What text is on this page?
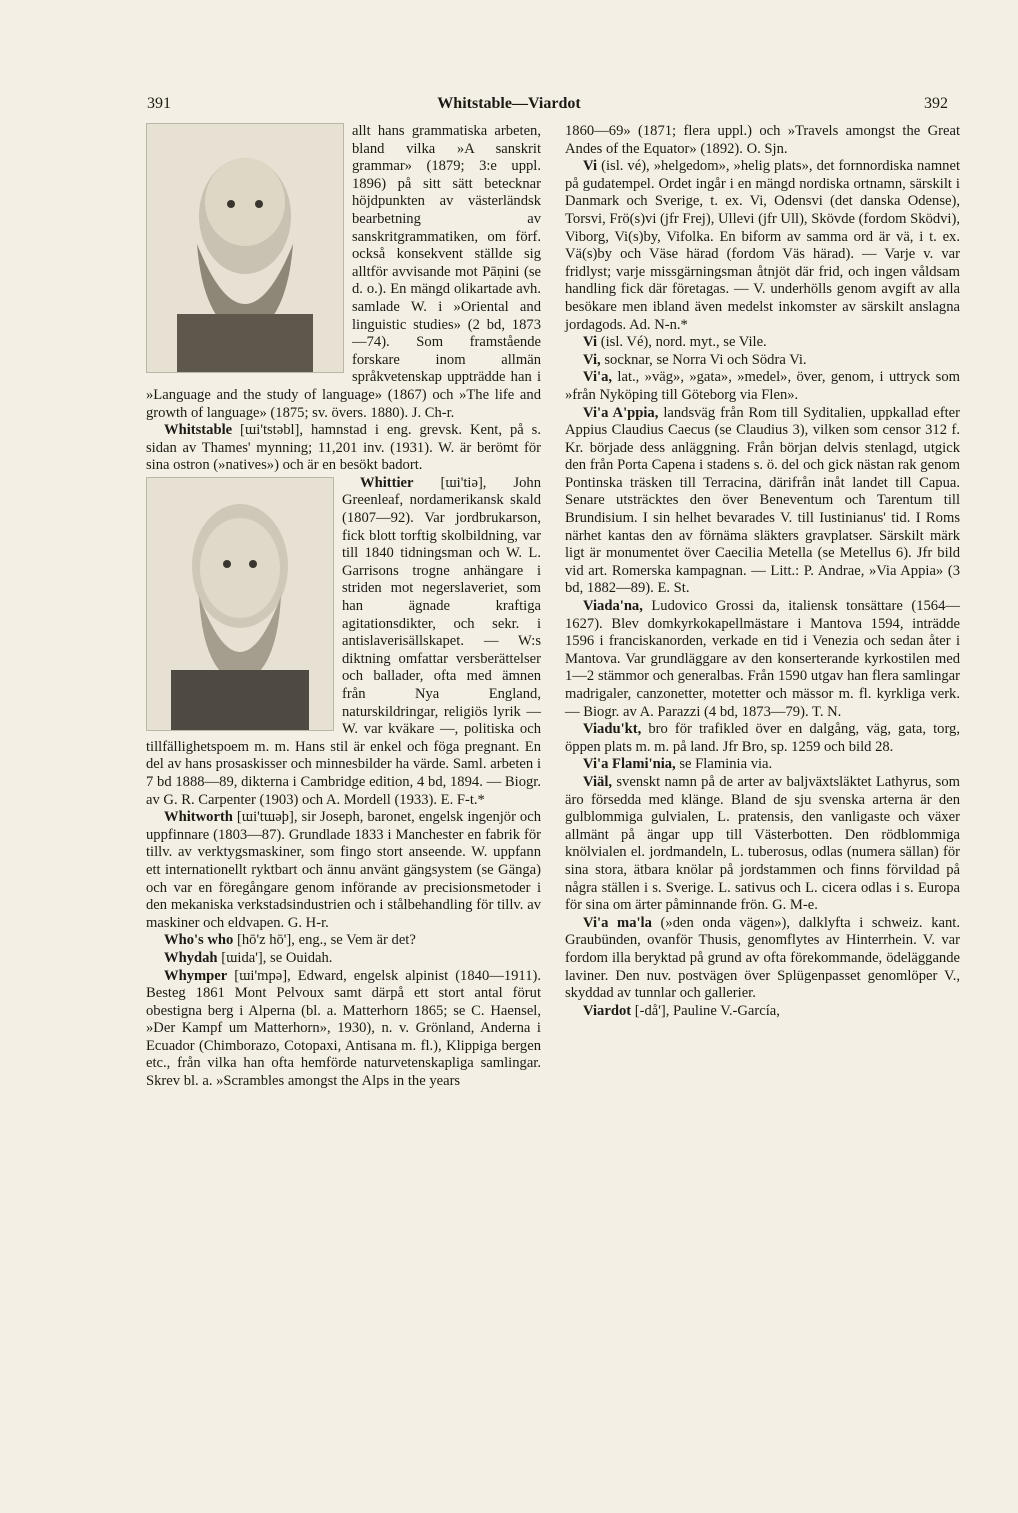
391	Whitstable—Viardot	392

allt hans grammatiska arbeten, bland vilka »A sanskrit grammar» (1879; 3:e uppl. 1896) på sitt sätt betecknar höjdpunkten av västerländsk bearbetning av sanskritgrammatiken, om förf. också konsekvent ställde sig alltför avvisande mot Pāṇini (se d. o.). En mängd olikartade avh. samlade W. i »Oriental and linguistic studies» (2 bd, 1873—74). Som framstående forskare inom allmän språkvetenskap uppträdde han i »Language and the study of language» (1867) och »The life and growth of language» (1875; sv. övers. 1880). J. Ch-r.

Whitstable [ɯi'tstəbl], hamnstad i eng. grevsk. Kent, på s. sidan av Thames' mynning; 11,201 inv. (1931). W. är berömt för sina ostron (»natives») och är en besökt badort.

Whittier [ɯi'tiə], John Greenleaf, nordamerikansk skald (1807—92). Var jordbrukarson, fick blott torftig skolbildning, var till 1840 tidningsman och W. L. Garrisons trogne anhängare i striden mot negerslaveriet, som han ägnade kraftiga agitationsdikter, och sekr. i antislaverisällskapet. — W:s diktning omfattar versberättelser och ballader, ofta med ämnen från Nya England, naturskildringar, religiös lyrik — W. var kväkare —, politiska och tillfällighetspoem m. m. Hans stil är enkel och föga pregnant. En del av hans prosaskisser och minnesbilder ha värde. Saml. arbeten i 7 bd 1888—89, dikterna i Cambridge edition, 4 bd, 1894. — Biogr. av G. R. Carpenter (1903) och A. Mordell (1933). E. F-t.*

Whitworth [ɯi'tɯəþ], sir Joseph, baronet, engelsk ingenjör och uppfinnare (1803—87). Grundlade 1833 i Manchester en fabrik för tillv. av verktygsmaskiner, som fingo stort anseende. W. uppfann ett internationellt ryktbart och ännu använt gängsystem (se Gänga) och var en föregångare genom införande av precisionsmetoder i den mekaniska verkstadsindustrien och i stålbehandling för tillv. av maskiner och eldvapen. G. H-r.

Who's who [hō'z hō'], eng., se Vem är det?

Whydah [ɯida'], se Ouidah.

Whymper [ɯi'mpə], Edward, engelsk alpinist (1840—1911). Besteg 1861 Mont Pelvoux samt därpå ett stort antal förut obestigna berg i Alperna (bl. a. Matterhorn 1865; se C. Haensel, »Der Kampf um Matterhorn», 1930), n. v. Grönland, Anderna i Ecuador (Chimborazo, Cotopaxi, Antisana m. fl.), Klippiga bergen etc., från vilka han ofta hemförde naturvetenskapliga samlingar. Skrev bl. a. »Scrambles amongst the Alps in the years

1860—69» (1871; flera uppl.) och »Travels amongst the Great Andes of the Equator» (1892). O. Sjn.

Vi (isl. vé), »helgedom», »helig plats», det fornnordiska namnet på gudatempel. Ordet ingår i en mängd nordiska ortnamn, särskilt i Danmark och Sverige, t. ex. Vi, Odensvi (det danska Odense), Torsvi, Frö(s)vi (jfr Frej), Ullevi (jfr Ull), Skövde (fordom Sködvi), Viborg, Vi(s)by, Vifolka. En biform av samma ord är vä, i t. ex. Vä(s)by och Väse härad (fordom Väs härad). — Varje v. var fridlyst; varje missgärningsman åtnjöt där frid, och ingen våldsam handling fick där företagas. — V. underhölls genom avgift av alla besökare men ibland även medelst inkomster av särskilt anslagna jordagods. Ad. N-n.*

Vi (isl. Vé), nord. myt., se Vile.

Vi, socknar, se Norra Vi och Södra Vi.

Vi'a, lat., »väg», »gata», »medel», över, genom, i uttryck som »från Nyköping till Göteborg via Flen».

Vi'a A'ppia, landsväg från Rom till Syditalien, uppkallad efter Appius Claudius Caecus (se Claudius 3), vilken som censor 312 f. Kr. började dess anläggning. Från början delvis stenlagd, utgick den från Porta Capena i stadens s. ö. del och gick nästan rak genom Pontinska träsken till Terracina, därifrån inåt landet till Capua. Senare utsträcktes den över Beneventum och Tarentum till Brundisium. I sin helhet bevarades V. till Iustinianus' tid. I Roms närhet kantas den av förnäma släkters gravplatser. Särskilt märk ligt är monumentet över Caecilia Metella (se Metellus 6). Jfr bild vid art. Romerska kampagnan. — Litt.: P. Andrae, »Via Appia» (3 bd, 1882—89). E. St.

Viada'na, Ludovico Grossi da, italiensk tonsättare (1564—1627). Blev domkyrkokapellmästare i Mantova 1594, inträdde 1596 i franciskanorden, verkade en tid i Venezia och sedan åter i Mantova. Var grundläggare av den konserterande kyrkostilen med 1—2 stämmor och generalbas. Från 1590 utgav han flera samlingar madrigaler, canzonetter, motetter och mässor m. fl. kyrkliga verk. — Biogr. av A. Parazzi (4 bd, 1873—79). T. N.

Viadu'kt, bro för trafikled över en dalgång, väg, gata, torg, öppen plats m. m. på land. Jfr Bro, sp. 1259 och bild 28.

Vi'a Flami'nia, se Flaminia via.

Viäl, svenskt namn på de arter av baljväxtsläktet Lathyrus, som äro försedda med klänge. Bland de sju svenska arterna är den gulblommiga gulvialen, L. pratensis, den vanligaste och växer allmänt på ängar upp till Västerbotten. Den rödblommiga knölvialen el. jordmandeln, L. tuberosus, odlas (numera sällan) för sina stora, ätbara knölar på jordstammen och finns förvildad på några ställen i s. Sverige. L. sativus och L. cicera odlas i s. Europa för sina om ärter påminnande frön. G. M-e.

Vi'a ma'la (»den onda vägen»), dalklyfta i schweiz. kant. Graubünden, ovanför Thusis, genomflytes av Hinterrhein. V. var fordom illa beryktad på grund av ofta förekommande, ödeläggande laviner. Den nuv. postvägen över Splügenpasset genomlöper V., skyddad av tunnlar och gallerier.

Viardot [-då'], Pauline V.-García,
